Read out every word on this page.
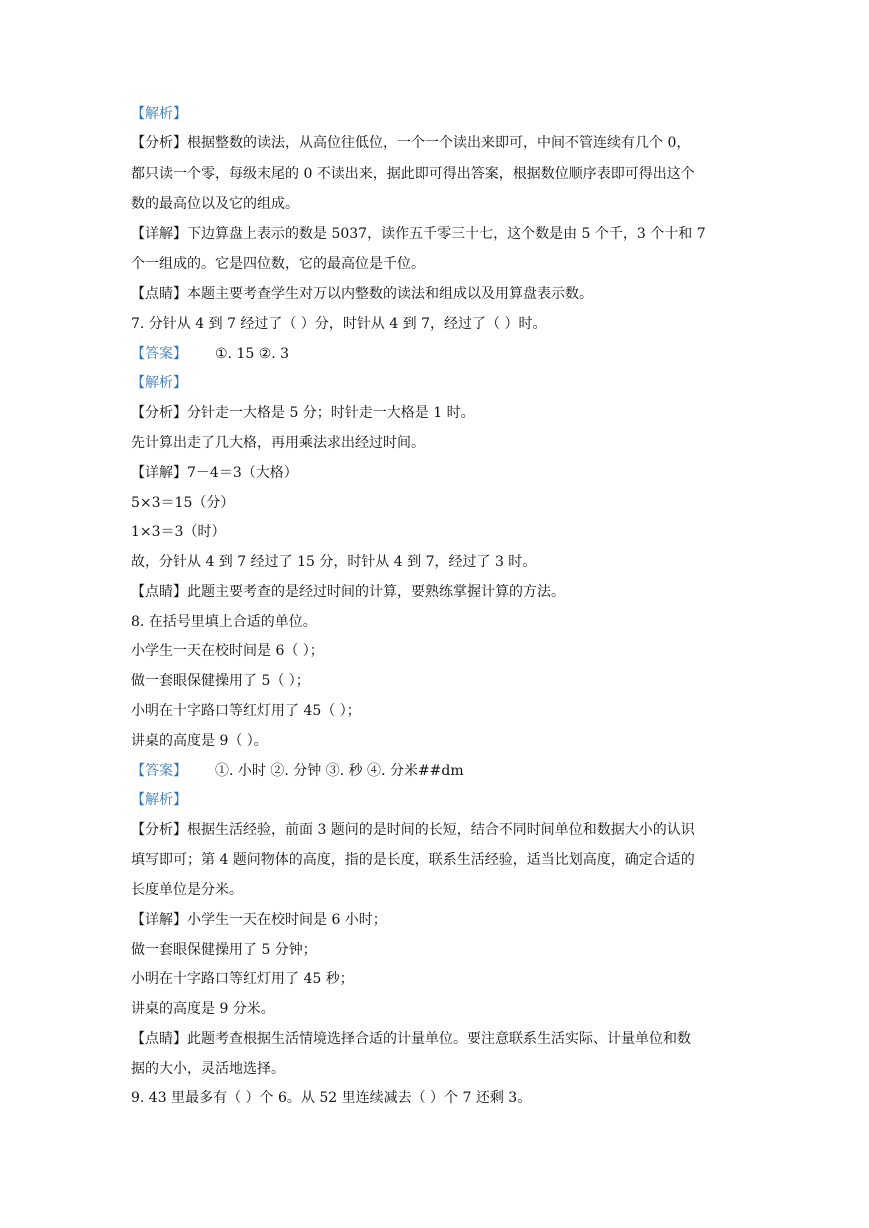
【解析】
【分析】根据整数的读法，从高位往低位，一个一个读出来即可，中间不管连续有几个 0，
都只读一个零，每级末尾的 0 不读出来，据此即可得出答案，根据数位顺序表即可得出这个
数的最高位以及它的组成。
【详解】下边算盘上表示的数是 5037，读作五千零三十七，这个数是由 5 个千，3 个十和 7
个一组成的。它是四位数，它的最高位是千位。
【点睛】本题主要考查学生对万以内整数的读法和组成以及用算盘表示数。
7. 分针从 4 到 7 经过了（ ）分，时针从 4 到 7，经过了（ ）时。
【答案】 ①. 15 ②. 3
【解析】
【分析】分针走一大格是 5 分；时针走一大格是 1 时。
先计算出走了几大格，再用乘法求出经过时间。
【详解】7－4＝3（大格）
5×3＝15（分）
1×3＝3（时）
故，分针从 4 到 7 经过了 15 分，时针从 4 到 7，经过了 3 时。
【点睛】此题主要考查的是经过时间的计算，要熟练掌握计算的方法。
8. 在括号里填上合适的单位。
小学生一天在校时间是 6（ ）；
做一套眼保健操用了 5（ ）；
小明在十字路口等红灯用了 45（ ）；
讲桌的高度是 9（ ）。
【答案】 ①. 小时 ②. 分钟 ③. 秒 ④. 分米##dm
【解析】
【分析】根据生活经验，前面 3 题问的是时间的长短，结合不同时间单位和数据大小的认识
填写即可；第 4 题问物体的高度，指的是长度，联系生活经验，适当比划高度，确定合适的
长度单位是分米。
【详解】小学生一天在校时间是 6 小时；
做一套眼保健操用了 5 分钟；
小明在十字路口等红灯用了 45 秒；
讲桌的高度是 9 分米。
【点睛】此题考查根据生活情境选择合适的计量单位。要注意联系生活实际、计量单位和数
据的大小，灵活地选择。
9. 43 里最多有（ ）个 6。从 52 里连续减去（ ）个 7 还剩 3。
